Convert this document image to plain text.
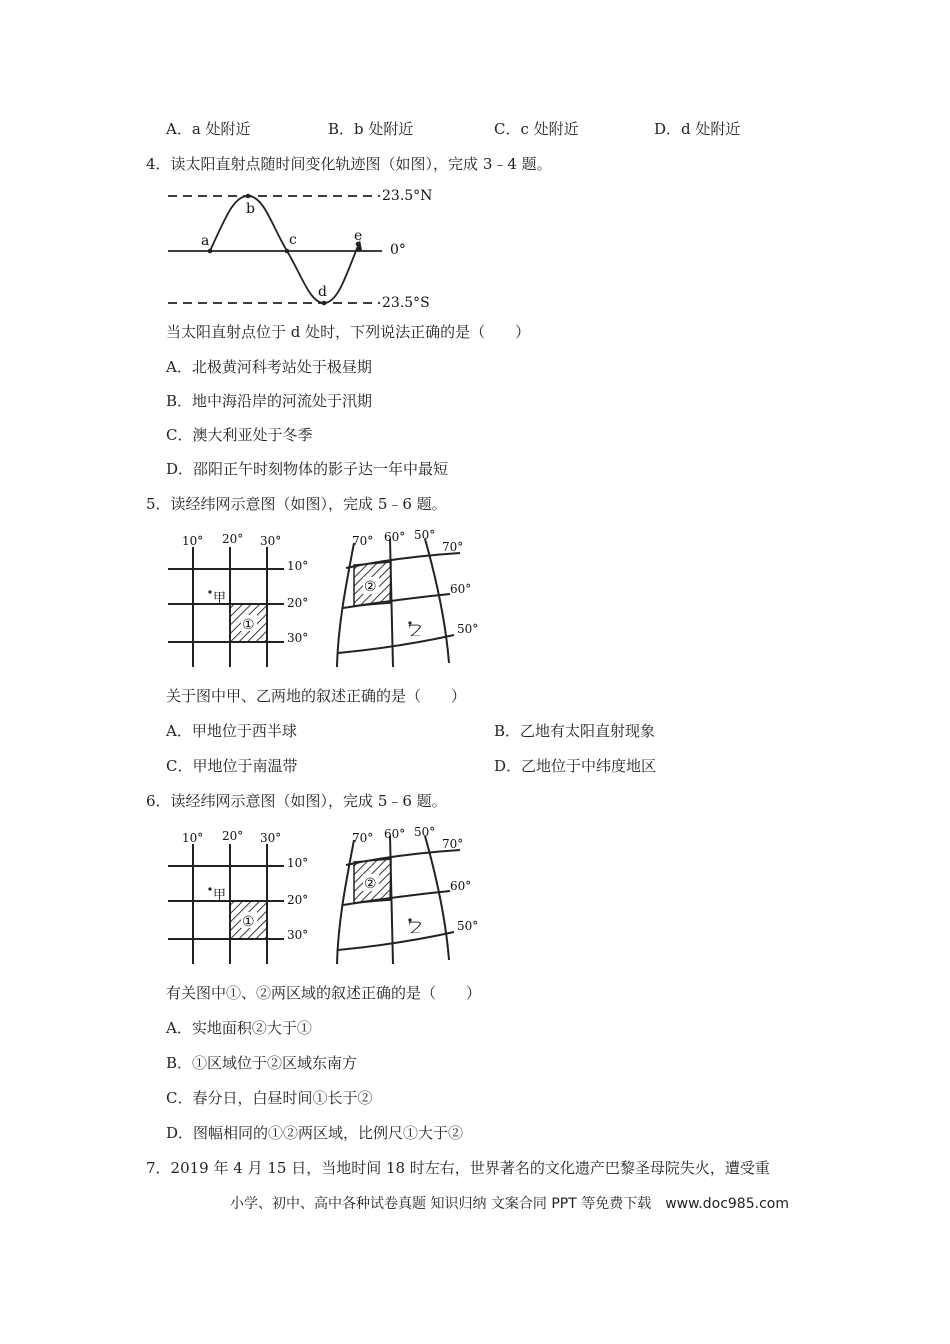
A．a 处附近	B．b 处附近	C．c 处附近	D．d 处附近
4．读太阳直射点随时间变化轨迹图（如图），完成 3﹣4 题。
23.5°N
0°
23.5°S
a
b
c
d
e
当太阳直射点位于 d 处时，下列说法正确的是（　　）
A．北极黄河科考站处于极昼期
B．地中海沿岸的河流处于汛期
C．澳大利亚处于冬季
D．邵阳正午时刻物体的影子达一年中最短
5．读经纬网示意图（如图），完成 5﹣6 题。
10° 20° 30°
10°
20°
30°
甲
①
70° 60° 50°
70°
60°
50°
②
乙
关于图中甲、乙两地的叙述正确的是（　　）
A．甲地位于西半球	B．乙地有太阳直射现象
C．甲地位于南温带	D．乙地位于中纬度地区
6．读经纬网示意图（如图），完成 5﹣6 题。
10° 20° 30°
10°
20°
30°
甲
①
70° 60° 50°
70°
60°
50°
②
乙
有关图中①、②两区域的叙述正确的是（　　）
A．实地面积②大于①
B．①区域位于②区域东南方
C．春分日，白昼时间①长于②
D．图幅相同的①②两区域，比例尺①大于②
7．2019 年 4 月 15 日，当地时间 18 时左右，世界著名的文化遗产巴黎圣母院失火，遭受重
小学、初中、高中各种试卷真题 知识归纳 文案合同 PPT 等免费下载　www.doc985.com
